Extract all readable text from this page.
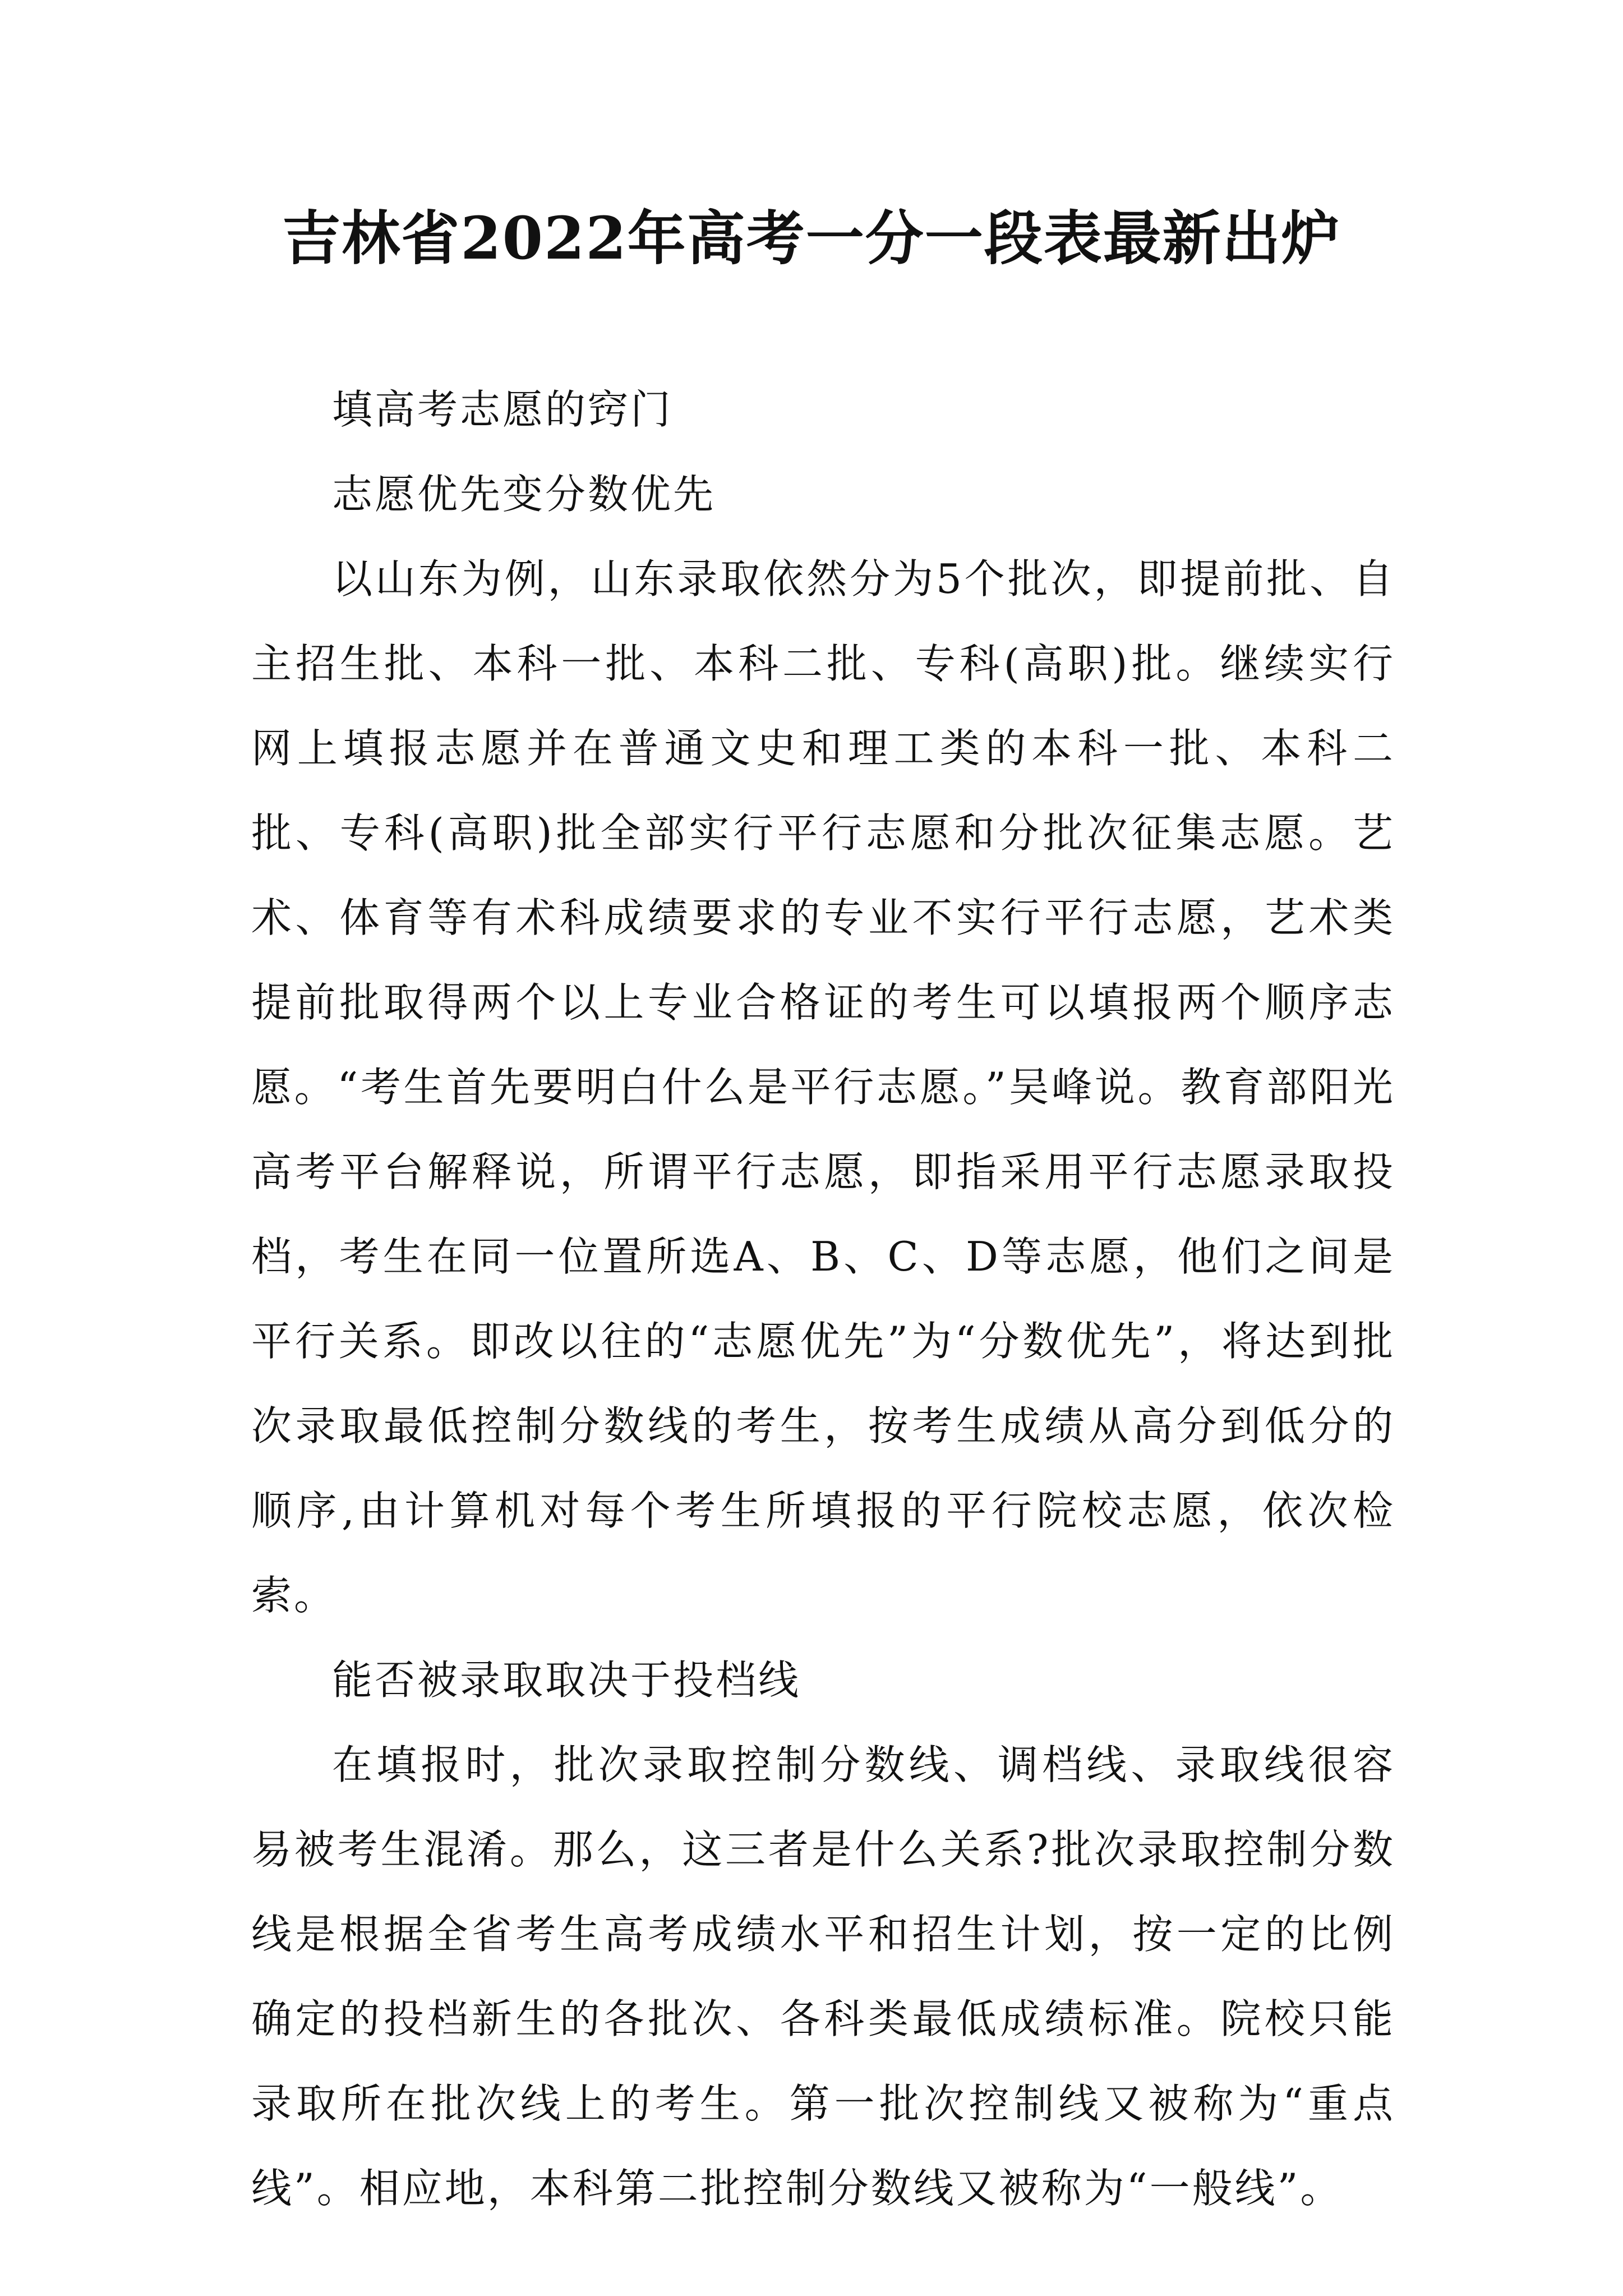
吉林省2022年高考一分一段表最新出炉

填高考志愿的窍门

志愿优先变分数优先

以山东为例，山东录取依然分为5个批次，即提前批、自主招生批、本科一批、本科二批、专科(高职)批。继续实行网上填报志愿并在普通文史和理工类的本科一批、本科二批、专科(高职)批全部实行平行志愿和分批次征集志愿。艺术、体育等有术科成绩要求的专业不实行平行志愿，艺术类提前批取得两个以上专业合格证的考生可以填报两个顺序志愿。“考生首先要明白什么是平行志愿。”吴峰说。教育部阳光高考平台解释说，所谓平行志愿，即指采用平行志愿录取投档，考生在同一位置所选A、B、C、D等志愿，他们之间是平行关系。即改以往的“志愿优先”为“分数优先”，将达到批次录取最低控制分数线的考生，按考生成绩从高分到低分的顺序,由计算机对每个考生所填报的平行院校志愿，依次检索。

能否被录取取决于投档线

在填报时，批次录取控制分数线、调档线、录取线很容易被考生混淆。那么，这三者是什么关系?批次录取控制分数线是根据全省考生高考成绩水平和招生计划，按一定的比例确定的投档新生的各批次、各科类最低成绩标准。院校只能录取所在批次线上的考生。第一批次控制线又被称为“重点线”。相应地，本科第二批控制分数线又被称为“一般线”。
